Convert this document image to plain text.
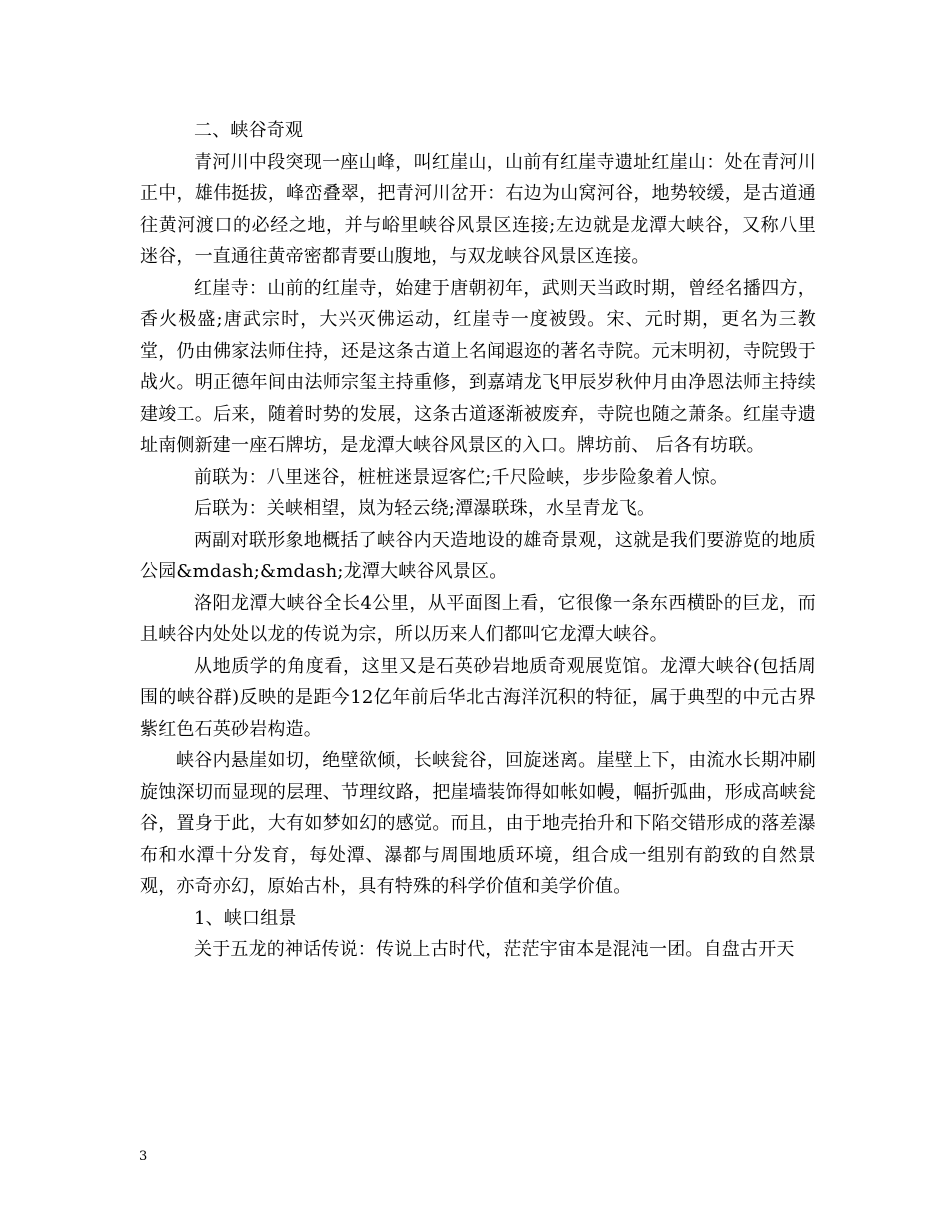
二、峡谷奇观

青河川中段突现一座山峰，叫红崖山，山前有红崖寺遗址红崖山：处在青河川正中，雄伟挺拔，峰峦叠翠，把青河川岔开：右边为山窝河谷，地势较缓，是古道通往黄河渡口的必经之地，并与峪里峡谷风景区连接;左边就是龙潭大峡谷，又称八里迷谷，一直通往黄帝密都青要山腹地，与双龙峡谷风景区连接。

红崖寺：山前的红崖寺，始建于唐朝初年，武则天当政时期，曾经名播四方，香火极盛;唐武宗时，大兴灭佛运动，红崖寺一度被毁。宋、元时期，更名为三教堂，仍由佛家法师住持，还是这条古道上名闻遐迩的著名寺院。元末明初，寺院毁于战火。明正德年间由法师宗玺主持重修，到嘉靖龙飞甲辰岁秋仲月由净恩法师主持续建竣工。后来，随着时势的发展，这条古道逐渐被废弃，寺院也随之萧条。红崖寺遗址南侧新建一座石牌坊，是龙潭大峡谷风景区的入口。牌坊前、 后各有坊联。

前联为：八里迷谷，桩桩迷景逗客伫;千尺险峡，步步险象着人惊。

后联为：关峡相望，岚为轻云绕;潭瀑联珠，水呈青龙飞。

两副对联形象地概括了峡谷内天造地设的雄奇景观，这就是我们要游览的地质公园&mdash;&mdash;龙潭大峡谷风景区。

洛阳龙潭大峡谷全长4公里，从平面图上看，它很像一条东西横卧的巨龙，而且峡谷内处处以龙的传说为宗，所以历来人们都叫它龙潭大峡谷。

从地质学的角度看，这里又是石英砂岩地质奇观展览馆。龙潭大峡谷(包括周围的峡谷群)反映的是距今12亿年前后华北古海洋沉积的特征，属于典型的中元古界紫红色石英砂岩构造。

峡谷内悬崖如切，绝壁欲倾，长峡瓮谷，回旋迷离。崖壁上下，由流水长期冲刷旋蚀深切而显现的层理、节理纹路，把崖墙装饰得如帐如幔，幅折弧曲，形成高峡瓮谷，置身于此，大有如梦如幻的感觉。而且，由于地壳抬升和下陷交错形成的落差瀑布和水潭十分发育，每处潭、瀑都与周围地质环境，组合成一组别有韵致的自然景观，亦奇亦幻，原始古朴，具有特殊的科学价值和美学价值。

1、峡口组景

关于五龙的神话传说：传说上古时代，茫茫宇宙本是混沌一团。自盘古开天

3
